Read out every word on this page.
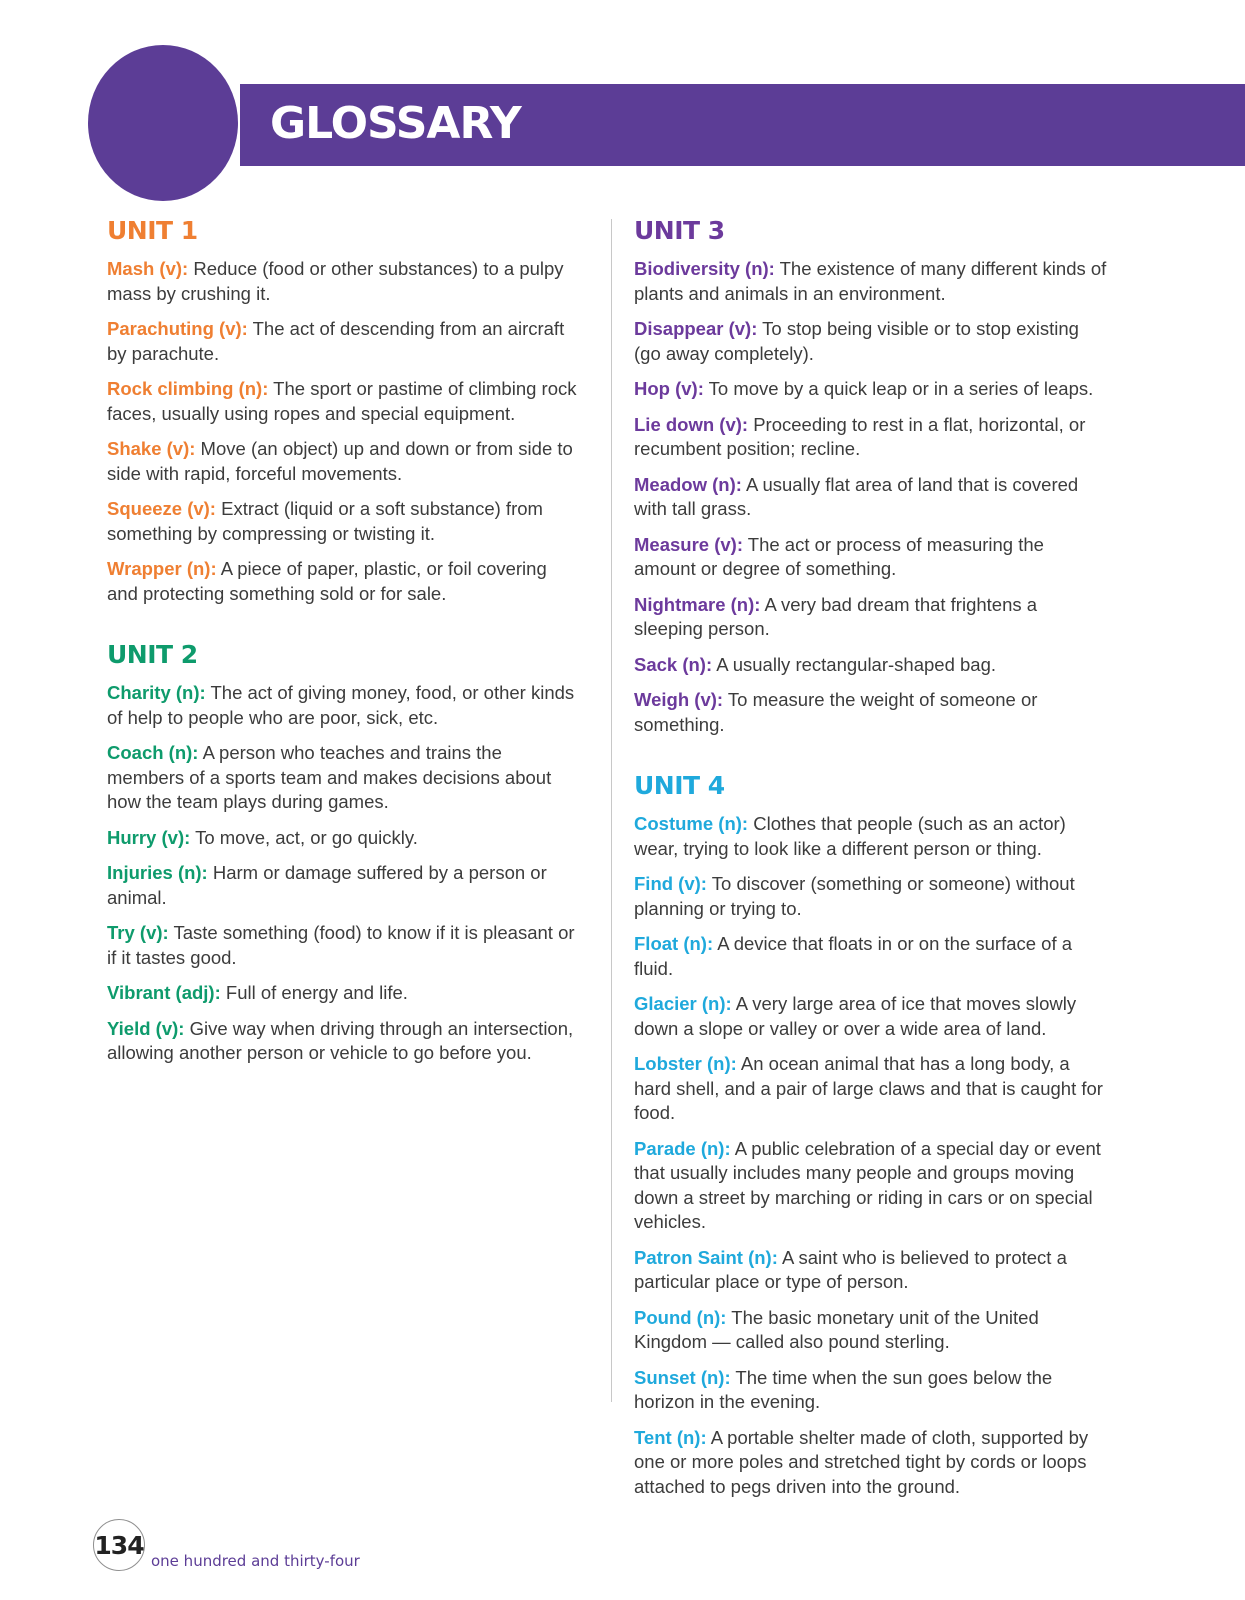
GLOSSARY
UNIT 1

Mash (v): Reduce (food or other substances) to a pulpy mass by crushing it.

Parachuting (v): The act of descending from an aircraft by parachute.

Rock climbing (n): The sport or pastime of climbing rock faces, usually using ropes and special equipment.

Shake (v): Move (an object) up and down or from side to side with rapid, forceful movements.

Squeeze (v): Extract (liquid or a soft substance) from something by compressing or twisting it.

Wrapper (n): A piece of paper, plastic, or foil covering and protecting something sold or for sale.

UNIT 2

Charity (n): The act of giving money, food, or other kinds of help to people who are poor, sick, etc.

Coach (n): A person who teaches and trains the members of a sports team and makes decisions about how the team plays during games.

Hurry (v): To move, act, or go quickly.

Injuries (n): Harm or damage suffered by a person or animal.

Try (v): Taste something (food) to know if it is pleasant or if it tastes good.

Vibrant (adj): Full of energy and life.

Yield (v): Give way when driving through an intersection, allowing another person or vehicle to go before you.

UNIT 3

Biodiversity (n): The existence of many different kinds of plants and animals in an environment.

Disappear (v): To stop being visible or to stop existing (go away completely).

Hop (v): To move by a quick leap or in a series of leaps.

Lie down (v): Proceeding to rest in a flat, horizontal, or recumbent position; recline.

Meadow (n): A usually flat area of land that is covered with tall grass.

Measure (v): The act or process of measuring the amount or degree of something.

Nightmare (n): A very bad dream that frightens a sleeping person.

Sack (n): A usually rectangular-shaped bag.

Weigh (v): To measure the weight of someone or something.

UNIT 4

Costume (n): Clothes that people (such as an actor) wear, trying to look like a different person or thing.

Find (v): To discover (something or someone) without planning or trying to.

Float (n): A device that floats in or on the surface of a fluid.

Glacier (n): A very large area of ice that moves slowly down a slope or valley or over a wide area of land.

Lobster (n): An ocean animal that has a long body, a hard shell, and a pair of large claws and that is caught for food.

Parade (n): A public celebration of a special day or event that usually includes many people and groups moving down a street by marching or riding in cars or on special vehicles.

Patron Saint (n): A saint who is believed to protect a particular place or type of person.

Pound (n): The basic monetary unit of the United Kingdom — called also pound sterling.

Sunset (n): The time when the sun goes below the horizon in the evening.

Tent (n): A portable shelter made of cloth, supported by one or more poles and stretched tight by cords or loops attached to pegs driven into the ground.

134
one hundred and thirty-four
